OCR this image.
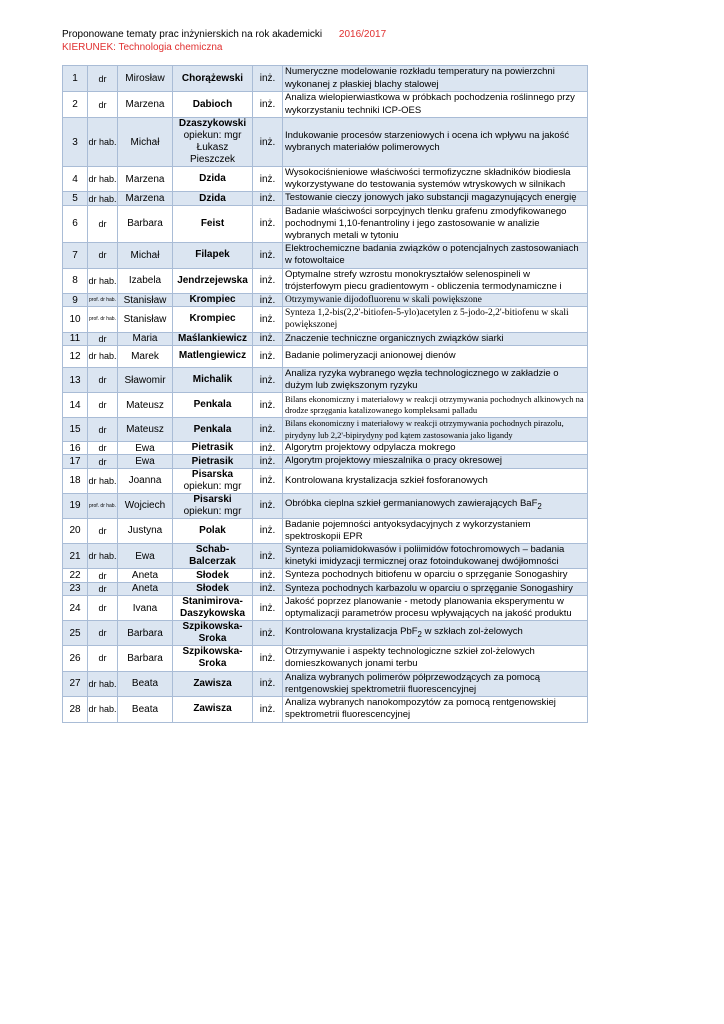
Proponowane tematy prac inżynierskich na rok akademicki 2016/2017
KIERUNEK: Technologia chemiczna
1	dr	Mirosław	Chorążewski	inż.	Numeryczne modelowanie rozkładu temperatury na powierzchni wykonanej z płaskiej blachy stalowej
2	dr	Marzena	Dabioch	inż.	Analiza wielopierwiastkowa w próbkach pochodzenia roślinnego przy wykorzystaniu techniki ICP-OES
3	dr hab.	Michał	Dzaszykowski
opiekun: mgr Łukasz Pieszczek	inż.	Indukowanie procesów starzeniowych i ocena ich wpływu na jakość wybranych materiałów polimerowych
4	dr hab.	Marzena	Dzida	inż.	Wysokociśnieniowe właściwości termofizyczne składników biodiesla wykorzystywane do testowania systemów wtryskowych w silnikach
5	dr hab.	Marzena	Dzida	inż.	Testowanie cieczy jonowych jako substancji magazynujących energię
6	dr	Barbara	Feist	inż.	Badanie właściwości sorpcyjnych tlenku grafenu zmodyfikowanego pochodnymi 1,10-fenantroliny i jego zastosowanie w analizie wybranych metali w tytoniu
7	dr	Michał	Filapek	inż.	Elektrochemiczne badania związków o potencjalnych zastosowaniach w fotowoltaice
8	dr hab.	Izabela	Jendrzejewska	inż.	Optymalne strefy wzrostu monokryształów selenospineli w trójsterfowym piecu gradientowym - obliczenia termodynamiczne i
9	prof. dr hab.	Stanisław	Krompiec	inż.	Otrzymywanie dijodofluorenu w skali powiększone
10	prof. dr hab.	Stanisław	Krompiec	inż.	Synteza 1,2-bis(2,2'-bitiofen-5-ylo)acetylen z 5-jodo-2,2'-bitiofenu w skali powiększonej
11	dr	Maria	Maślankiewicz	inż.	Znaczenie techniczne organicznych związków siarki
12	dr hab.	Marek	Matlengiewicz	inż.	Badanie polimeryzacji anionowej dienów
13	dr	Sławomir	Michalik	inż.	Analiza ryzyka wybranego węzła technologicznego w zakładzie o dużym lub zwiększonym ryzyku
14	dr	Mateusz	Penkala	inż.	Bilans ekonomiczny i materiałowy w reakcji otrzymywania pochodnych alkinowych na drodze sprzęgania katalizowanego kompleksami palladu
15	dr	Mateusz	Penkala	inż.	Bilans ekonomiczny i materiałowy w reakcji otrzymywania pochodnych pirazolu, pirydyny lub 2,2'-bipirydyny pod kątem zastosowania jako ligandy
16	dr	Ewa	Pietrasik	inż.	Algorytm projektowy odpylacza mokrego
17	dr	Ewa	Pietrasik	inż.	Algorytm projektowy mieszalnika o pracy okresowej
18	dr hab.	Joanna	Pisarska
opiekun: mgr	inż.	Kontrolowana krystalizacja szkieł fosforanowych
19	prof. dr hab.	Wojciech	Pisarski
opiekun: mgr	inż.	Obróbka cieplna szkieł germanianowych zawierających BaF$_2$
20	dr	Justyna	Polak	inż.	Badanie pojemności antyoksydacyjnych z wykorzystaniem spektroskopii EPR
21	dr hab.	Ewa	Schab-Balcerzak	inż.	Synteza poliamidokwasów i poliimidów fotochromowych – badania kinetyki imidyzacji termicznej oraz fotoindukowanej dwójłomności
22	dr	Aneta	Słodek	inż.	Synteza pochodnych bitiofenu w oparciu o sprzęganie Sonogashiry
23	dr	Aneta	Słodek	inż.	Synteza pochodnych karbazolu w oparciu o sprzęganie Sonogashiry
24	dr	Ivana	Stanimirova-Daszykowska	inż.	Jakość poprzez planowanie - metody planowania eksperymentu w optymalizacji parametrów procesu wpływających na jakość produktu
25	dr	Barbara	Szpikowska-Sroka	inż.	Kontrolowana krystalizacja PbF$_2$ w szkłach zol-żelowych
26	dr	Barbara	Szpikowska-Sroka	inż.	Otrzymywanie i aspekty technologiczne szkieł zol-żelowych domieszkowanych jonami terbu
27	dr hab.	Beata	Zawisza	inż.	Analiza wybranych polimerów półprzewodzących za pomocą rentgenowskiej spektrometrii fluorescencyjnej
28	dr hab.	Beata	Zawisza	inż.	Analiza wybranych nanokompozytów za pomocą rentgenowskiej spektrometrii fluorescencyjnej
